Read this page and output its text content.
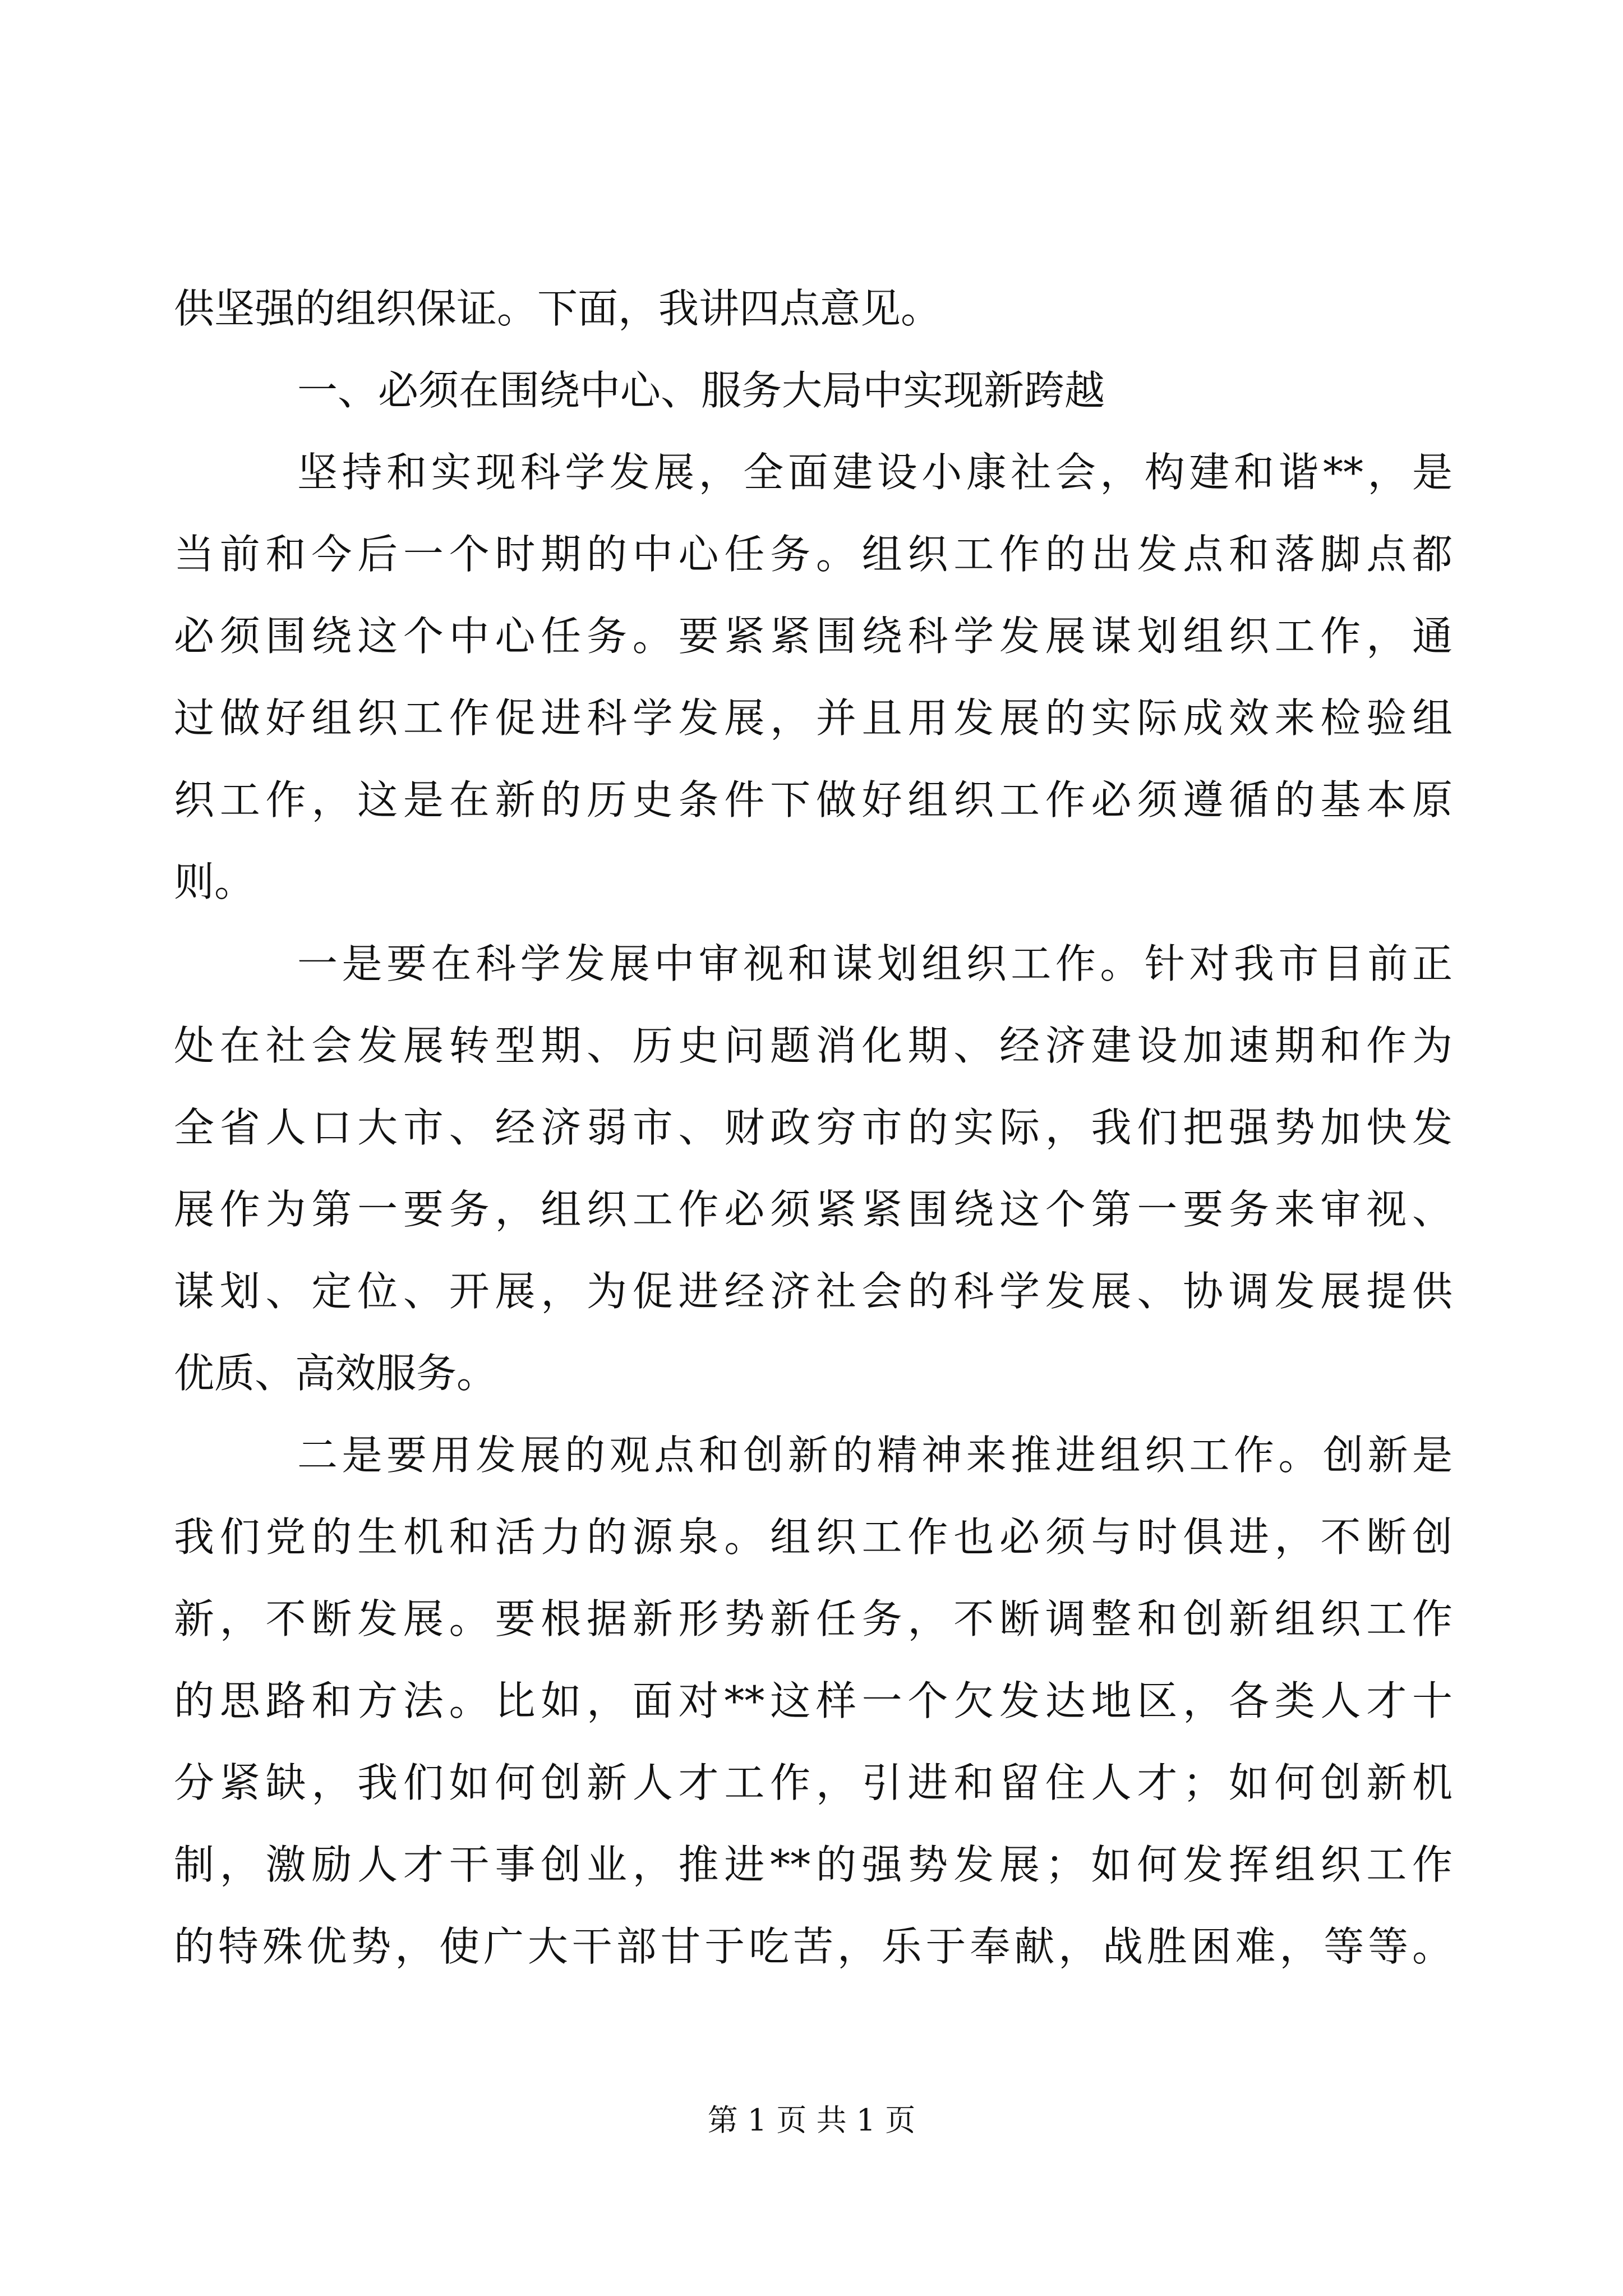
供坚强的组织保证。下面，我讲四点意见。
一、必须在围绕中心、服务大局中实现新跨越
坚持和实现科学发展，全面建设小康社会，构建和谐**，是
当前和今后一个时期的中心任务。组织工作的出发点和落脚点都
必须围绕这个中心任务。要紧紧围绕科学发展谋划组织工作，通
过做好组织工作促进科学发展，并且用发展的实际成效来检验组
织工作，这是在新的历史条件下做好组织工作必须遵循的基本原
则。
一是要在科学发展中审视和谋划组织工作。针对我市目前正
处在社会发展转型期、历史问题消化期、经济建设加速期和作为
全省人口大市、经济弱市、财政穷市的实际，我们把强势加快发
展作为第一要务，组织工作必须紧紧围绕这个第一要务来审视、
谋划、定位、开展，为促进经济社会的科学发展、协调发展提供
优质、高效服务。
二是要用发展的观点和创新的精神来推进组织工作。创新是
我们党的生机和活力的源泉。组织工作也必须与时俱进，不断创
新，不断发展。要根据新形势新任务，不断调整和创新组织工作
的思路和方法。比如，面对**这样一个欠发达地区，各类人才十
分紧缺，我们如何创新人才工作，引进和留住人才；如何创新机
制，激励人才干事创业，推进**的强势发展；如何发挥组织工作
的特殊优势，使广大干部甘于吃苦，乐于奉献，战胜困难，等等。
第 1 页 共 1 页
